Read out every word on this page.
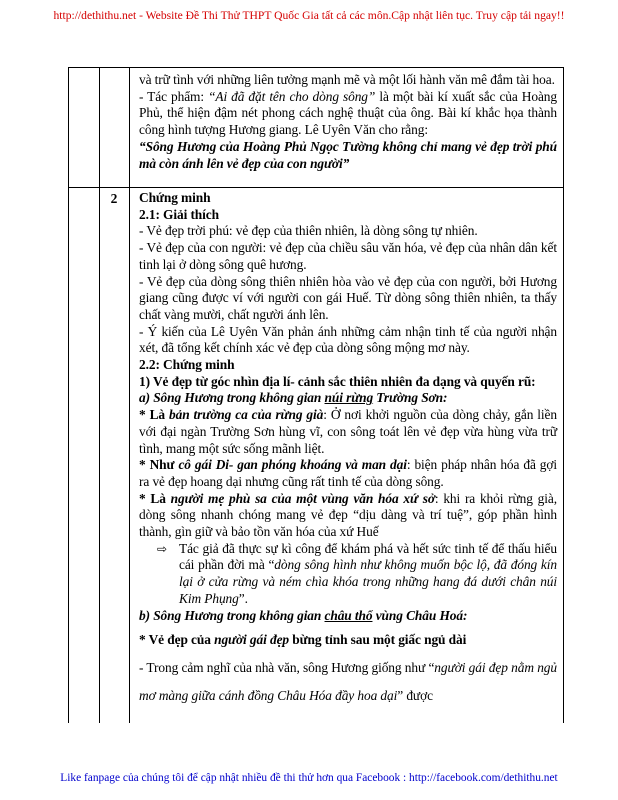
http://dethithu.net - Website Đề Thi Thử THPT Quốc Gia tất cả các môn.Cập nhật liên tục. Truy cập tải ngay!!

và trữ tình với những liên tưởng mạnh mẽ và một lối hành văn mê đắm tài hoa.

- Tác phẩm: “Ai đã đặt tên cho dòng sông” là một bài kí xuất sắc của Hoàng Phủ, thể hiện đậm nét phong cách nghệ thuật của ông. Bài kí khắc họa thành công hình tượng Hương giang. Lê Uyên Văn cho rằng:

“Sông Hương của Hoàng Phủ Ngọc Tường không chỉ mang vẻ đẹp trời phú mà còn ánh lên vẻ đẹp của con người”

2	Chứng minh

2.1: Giải thích

- Vẻ đẹp trời phú: vẻ đẹp của thiên nhiên, là dòng sông tự nhiên.

- Vẻ đẹp của con người: vẻ đẹp của chiều sâu văn hóa, vẻ đẹp của nhân dân kết tinh lại ở dòng sông quê hương.

- Vẻ đẹp của dòng sông thiên nhiên hòa vào vẻ đẹp của con người, bởi Hương giang cũng được ví với người con gái Huế. Từ dòng sông thiên nhiên, ta thấy chất vàng mười, chất người ánh lên.

- Ý kiến của Lê Uyên Văn phản ánh những cảm nhận tinh tế của người nhận xét, đã tổng kết chính xác vẻ đẹp của dòng sông mộng mơ này.

2.2: Chứng minh

1) Vẻ đẹp từ góc nhìn địa lí- cảnh sắc thiên nhiên đa dạng và quyến rũ:

a) Sông Hương trong không gian núi rừng Trường Sơn:

* Là bản trường ca của rừng già: Ở nơi khởi nguồn của dòng chảy, gắn liền với đại ngàn Trường Sơn hùng vĩ, con sông toát lên vẻ đẹp vừa hùng vừa trữ tình, mang một sức sống mãnh liệt.

* Như cô gái Di- gan phóng khoáng và man dại: biện pháp nhân hóa đã gợi ra vẻ đẹp hoang dại nhưng cũng rất tinh tế của dòng sông.

* Là người mẹ phù sa của một vùng văn hóa xứ sở: khi ra khỏi rừng già, dòng sông nhanh chóng mang vẻ đẹp “dịu dàng và trí tuệ”, góp phần hình thành, gìn giữ và bảo tồn văn hóa của xứ Huế

⇨ Tác giả đã thực sự kì công để khám phá và hết sức tinh tế để thấu hiểu cái phần đời mà “dòng sông hình như không muốn bộc lộ, đã đóng kín lại ở cửa rừng và ném chìa khóa trong những hang đá dưới chân núi Kim Phụng”.

b) Sông Hương trong không gian châu thổ vùng Châu Hoá:

* Vẻ đẹp của người gái đẹp bừng tỉnh sau một giấc ngủ dài

- Trong cảm nghĩ của nhà văn, sông Hương giống như “người gái đẹp nằm ngủ mơ màng giữa cánh đồng Châu Hóa đầy hoa dại” được

Like fanpage của chúng tôi để cập nhật nhiều đề thi thử hơn qua Facebook : http://facebook.com/dethithu.net
